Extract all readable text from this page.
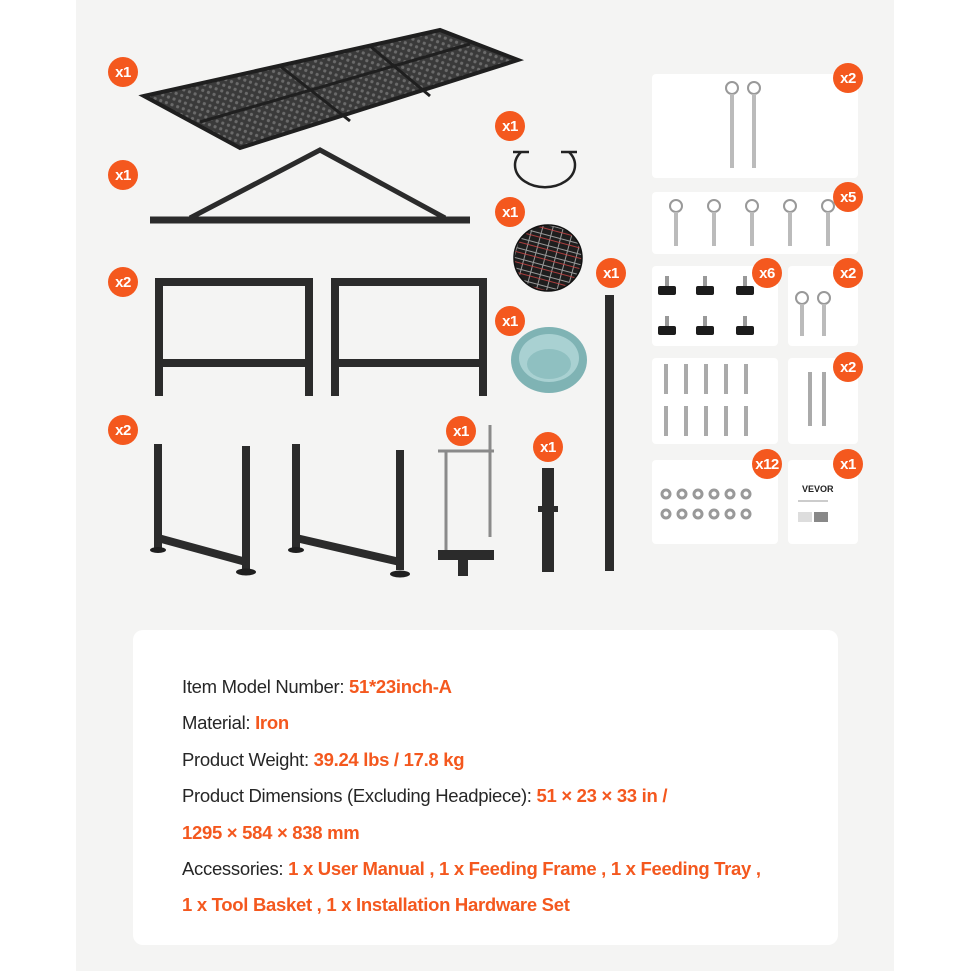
VEVOR
x1
x1
x2
x2	x1
x1
x1
x1
x1
x1
x2
x5
x6	x2
x2
x12	x1
Item Model Number: 51*23inch-A
Material: Iron
Product Weight: 39.24 lbs / 17.8 kg
Product Dimensions (Excluding Headpiece): 51 × 23 × 33 in /
1295 × 584 × 838 mm
Accessories: 1 x User Manual , 1 x Feeding Frame , 1 x Feeding Tray ,
1 x Tool Basket , 1 x Installation Hardware Set
